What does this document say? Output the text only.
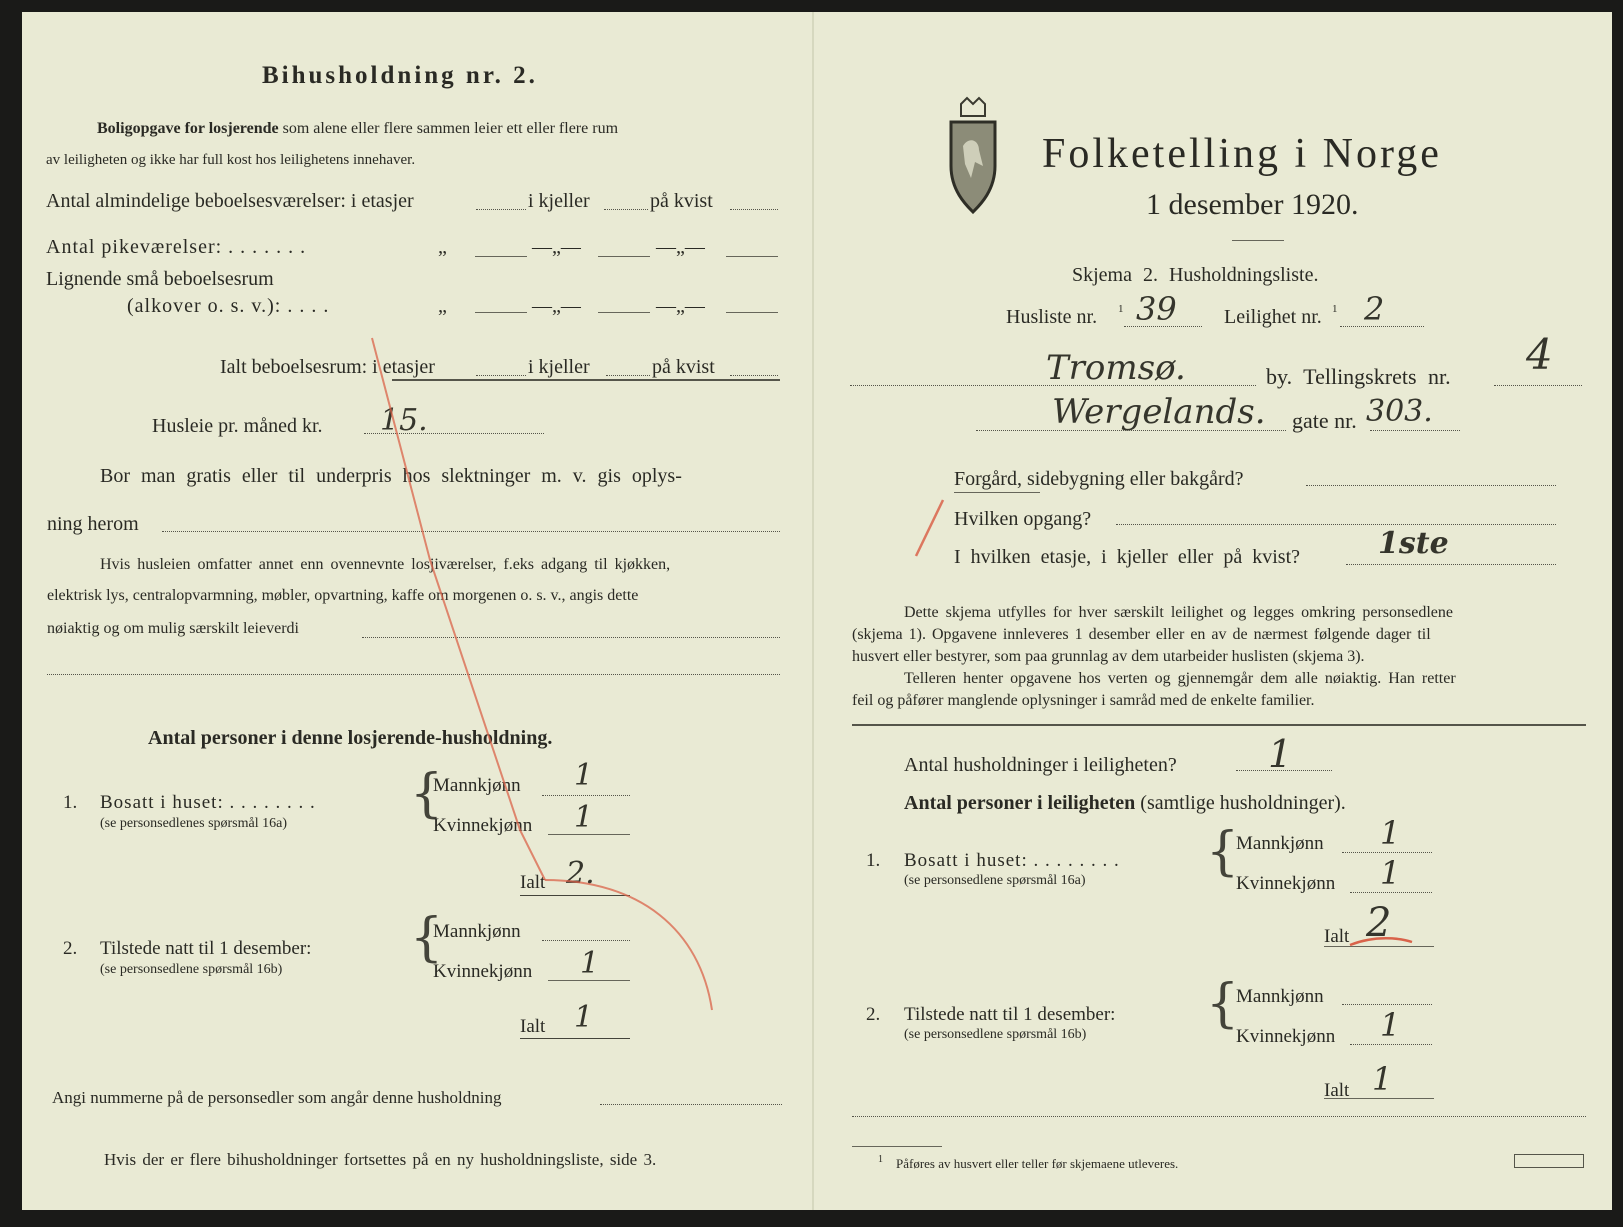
Bihusholdning nr. 2.
Boligopgave for losjerende som alene eller flere sammen leier ett eller flere rum
av leiligheten og ikke har full kost hos leilighetens innehaver.
Antal almindelige beboelsesværelser: i etasjer	i kjeller	på kvist
Antal pikeværelser: . . . . . . .	„	—„—	—„—
Lignende små beboelsesrum
(alkover o. s. v.): . . . .	„	—„—	—„—
Ialt beboelsesrum: i etasjer	i kjeller	på kvist
Husleie pr. måned kr. 15.
Bor man gratis eller til underpris hos slektninger m. v. gis oplys-
ning herom
Hvis husleien omfatter annet enn ovennevnte losjiværelser, f.eks adgang til kjøkken,
elektrisk lys, centralopvarmning, møbler, opvartning, kaffe om morgenen o. s. v., angis dette
nøiaktig og om mulig særskilt leieverdi
Antal personer i denne losjerende-husholdning.
1. Bosatt i huset: . . . . . . . .
(se personsedlenes spørsmål 16a) {
Mannkjønn 1
Kvinnekjønn 1
Ialt 2.
2. Tilstede natt til 1 desember:
(se personsedlene spørsmål 16b)
{
Mannkjønn
Kvinnekjønn 1
Ialt 1
Angi nummerne på de personsedler som angår denne husholdning
Hvis der er flere bihusholdninger fortsettes på en ny husholdningsliste, side 3.
Folketelling i Norge
1 desember 1920.
Skjema 2. Husholdningsliste.
Husliste nr. 1 39 Leilighet nr. 1 2
Tromsø.	by. Tellingskrets nr. 4
Wergelands. gate nr. 303.
Forgård, sidebygning eller bakgård?
Hvilken opgang?
I hvilken etasje, i kjeller eller på kvist?	1ste
Dette skjema utfylles for hver særskilt leilighet og legges omkring personsedlene
(skjema 1). Opgavene innleveres 1 desember eller en av de nærmest følgende dager til
husvert eller bestyrer, som paa grunnlag av dem utarbeider huslisten (skjema 3).
Telleren henter opgavene hos verten og gjennemgår dem alle nøiaktig. Han retter
feil og påfører manglende oplysninger i samråd med de enkelte familier.
Antal husholdninger i leiligheten? 1
Antal personer i leiligheten (samtlige husholdninger).
1. Bosatt i huset: . . . . . . . .
(se personsedlene spørsmål 16a) {
Mannkjønn 1
Kvinnekjønn 1
Ialt 2
2. Tilstede natt til 1 desember:
(se personsedlene spørsmål 16b)
{
Mannkjønn
Kvinnekjønn 1
Ialt 1
1 Påføres av husvert eller teller før skjemaene utleveres.
